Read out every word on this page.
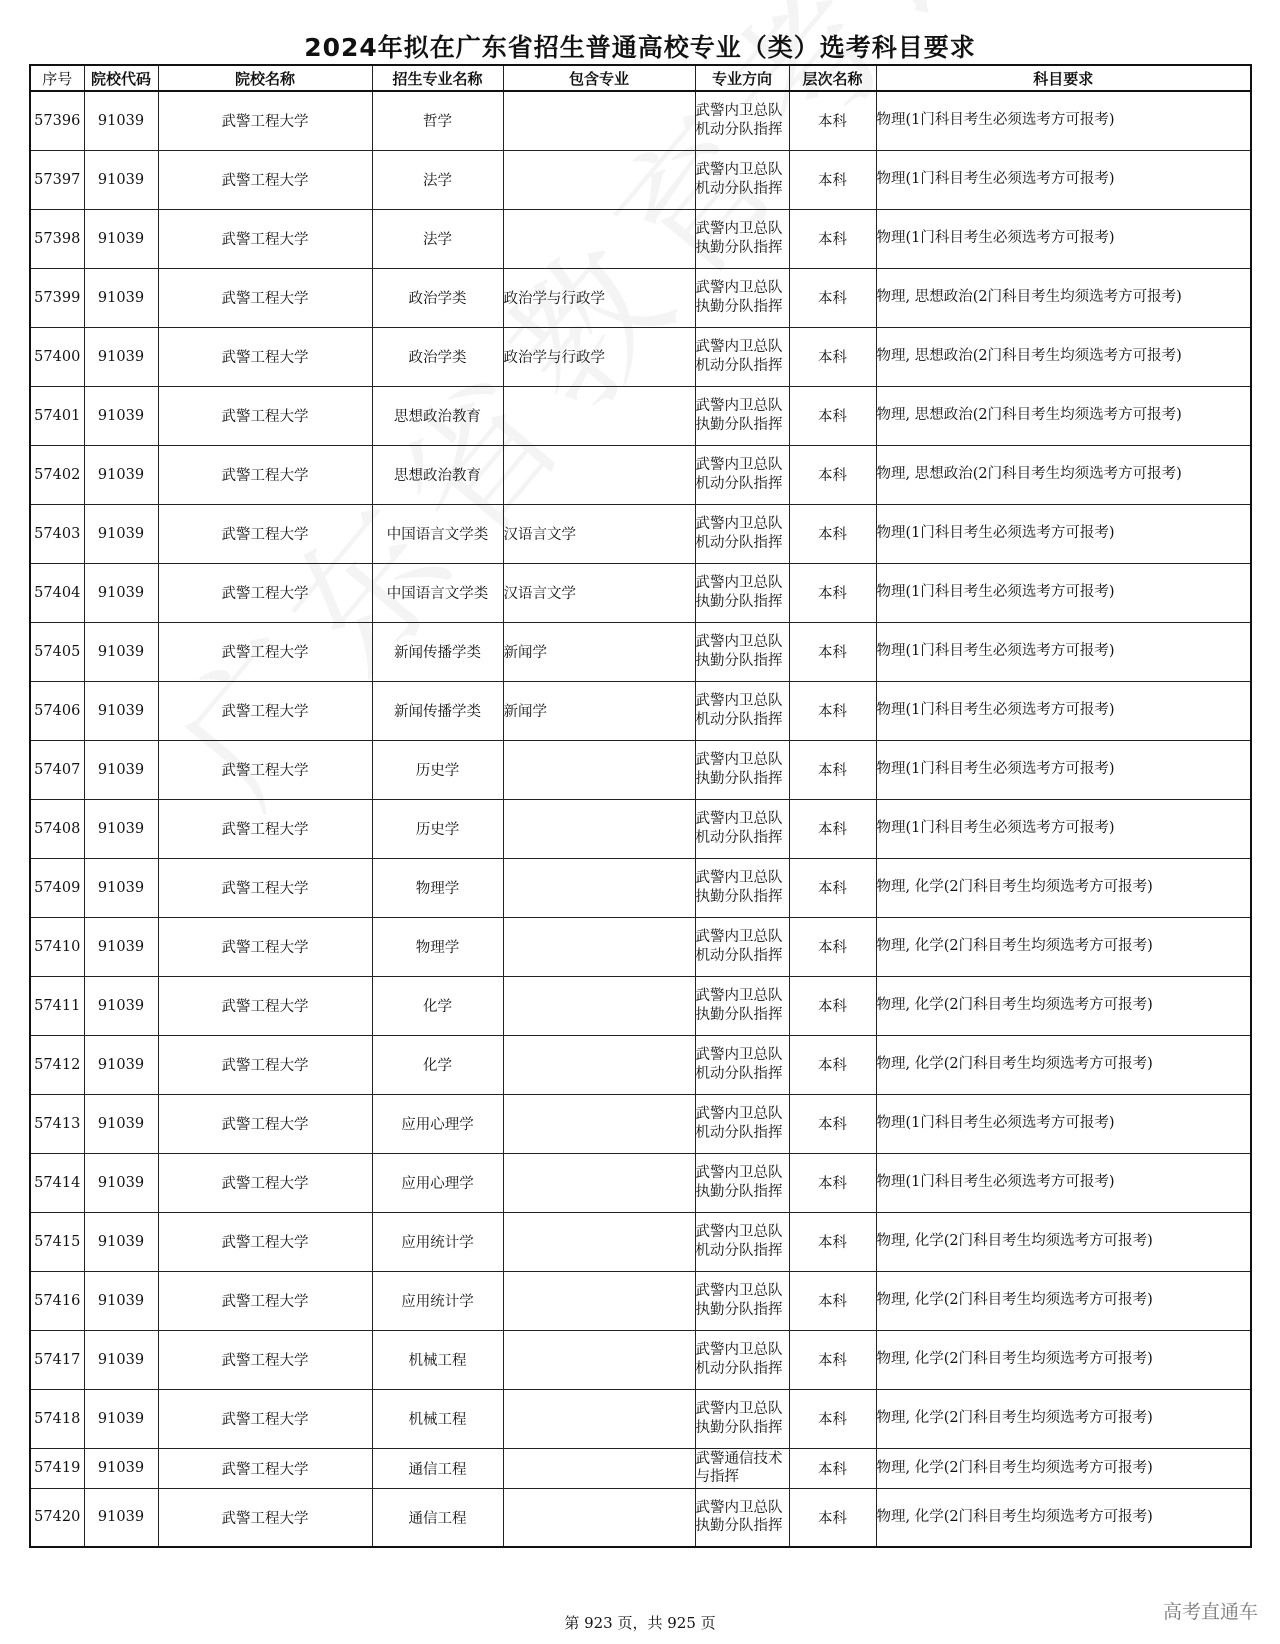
2024年拟在广东省招生普通高校专业（类）选考科目要求
序号	院校代码	院校名称	招生专业名称	包含专业	专业方向	层次名称	科目要求
57396	91039	武警工程大学	哲学		武警内卫总队机动分队指挥	本科	物理(1门科目考生必须选考方可报考)
57397	91039	武警工程大学	法学		武警内卫总队机动分队指挥	本科	物理(1门科目考生必须选考方可报考)
57398	91039	武警工程大学	法学		武警内卫总队执勤分队指挥	本科	物理(1门科目考生必须选考方可报考)
57399	91039	武警工程大学	政治学类	政治学与行政学	武警内卫总队执勤分队指挥	本科	物理, 思想政治(2门科目考生均须选考方可报考)
57400	91039	武警工程大学	政治学类	政治学与行政学	武警内卫总队机动分队指挥	本科	物理, 思想政治(2门科目考生均须选考方可报考)
57401	91039	武警工程大学	思想政治教育		武警内卫总队执勤分队指挥	本科	物理, 思想政治(2门科目考生均须选考方可报考)
57402	91039	武警工程大学	思想政治教育		武警内卫总队机动分队指挥	本科	物理, 思想政治(2门科目考生均须选考方可报考)
57403	91039	武警工程大学	中国语言文学类	汉语言文学	武警内卫总队机动分队指挥	本科	物理(1门科目考生必须选考方可报考)
57404	91039	武警工程大学	中国语言文学类	汉语言文学	武警内卫总队执勤分队指挥	本科	物理(1门科目考生必须选考方可报考)
57405	91039	武警工程大学	新闻传播学类	新闻学	武警内卫总队执勤分队指挥	本科	物理(1门科目考生必须选考方可报考)
57406	91039	武警工程大学	新闻传播学类	新闻学	武警内卫总队机动分队指挥	本科	物理(1门科目考生必须选考方可报考)
57407	91039	武警工程大学	历史学		武警内卫总队执勤分队指挥	本科	物理(1门科目考生必须选考方可报考)
57408	91039	武警工程大学	历史学		武警内卫总队机动分队指挥	本科	物理(1门科目考生必须选考方可报考)
57409	91039	武警工程大学	物理学		武警内卫总队执勤分队指挥	本科	物理, 化学(2门科目考生均须选考方可报考)
57410	91039	武警工程大学	物理学		武警内卫总队机动分队指挥	本科	物理, 化学(2门科目考生均须选考方可报考)
57411	91039	武警工程大学	化学		武警内卫总队执勤分队指挥	本科	物理, 化学(2门科目考生均须选考方可报考)
57412	91039	武警工程大学	化学		武警内卫总队机动分队指挥	本科	物理, 化学(2门科目考生均须选考方可报考)
57413	91039	武警工程大学	应用心理学		武警内卫总队机动分队指挥	本科	物理(1门科目考生必须选考方可报考)
57414	91039	武警工程大学	应用心理学		武警内卫总队执勤分队指挥	本科	物理(1门科目考生必须选考方可报考)
57415	91039	武警工程大学	应用统计学		武警内卫总队机动分队指挥	本科	物理, 化学(2门科目考生均须选考方可报考)
57416	91039	武警工程大学	应用统计学		武警内卫总队执勤分队指挥	本科	物理, 化学(2门科目考生均须选考方可报考)
57417	91039	武警工程大学	机械工程		武警内卫总队机动分队指挥	本科	物理, 化学(2门科目考生均须选考方可报考)
57418	91039	武警工程大学	机械工程		武警内卫总队执勤分队指挥	本科	物理, 化学(2门科目考生均须选考方可报考)
57419	91039	武警工程大学	通信工程		武警通信技术与指挥	本科	物理, 化学(2门科目考生均须选考方可报考)
57420	91039	武警工程大学	通信工程		武警内卫总队执勤分队指挥	本科	物理, 化学(2门科目考生均须选考方可报考)
第 923 页，共 925 页	高考直通车
